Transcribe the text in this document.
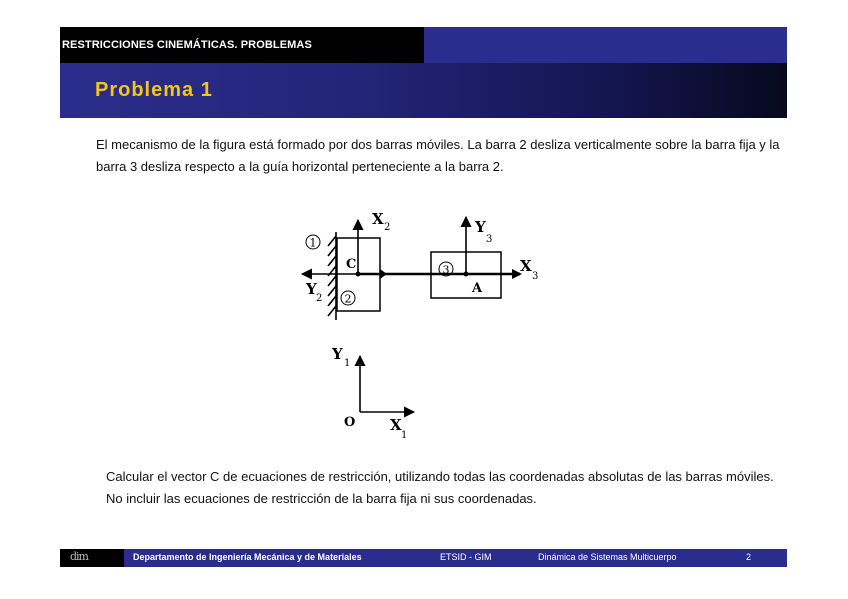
RESTRICCIONES CINEMÁTICAS. PROBLEMAS
Problema 1
El mecanismo de la figura está formado por dos barras móviles. La barra 2 desliza verticalmente sobre la barra fija y la barra 3 desliza respecto a la guía horizontal perteneciente a la barra 2.
1
2
3
C
A
X 2
Y
2
Y
3
X
3
Y
1
O X
1
Calcular el vector C de ecuaciones de restricción, utilizando todas las coordenadas absolutas de las barras móviles. No incluir las ecuaciones de restricción de la barra fija ni sus coordenadas.
dim	Departamento de Ingeniería Mecánica y de Materiales	ETSID - GIM	Dinámica de Sistemas Multicuerpo	2
